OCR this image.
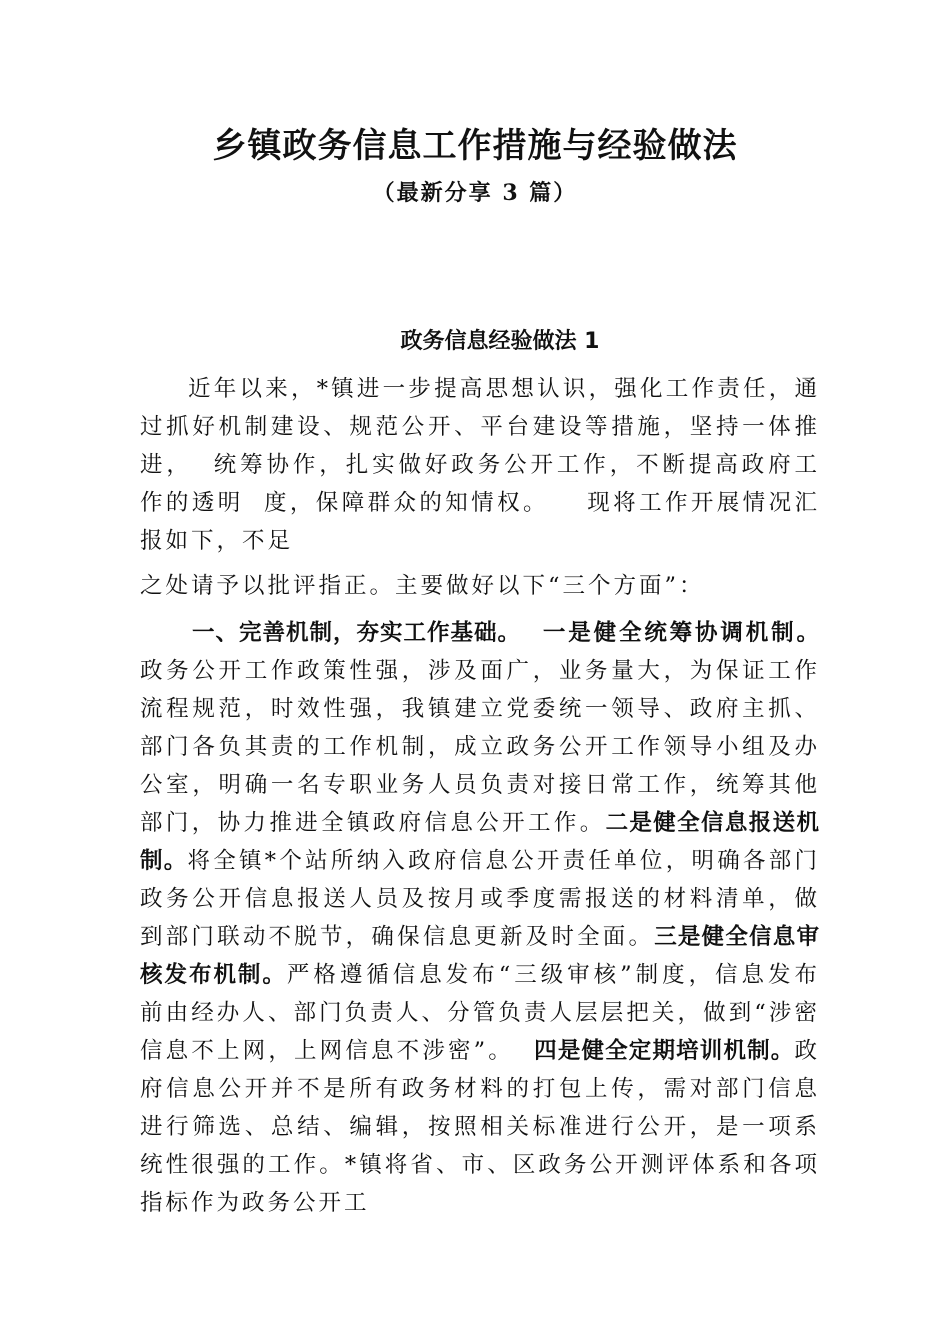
乡镇政务信息工作措施与经验做法
（最新分享 3 篇）
政务信息经验做法 1

近年以来，*镇进一步提高思想认识，强化工作责任，通过抓好机制建设、规范公开、平台建设等措施，坚持一体推进， 统筹协作，扎实做好政务公开工作，不断提高政府工作的透明 度，保障群众的知情权。 现将工作开展情况汇报如下，不足

之处请予以批评指正。主要做好以下“三个方面”：

一、完善机制，夯实工作基础。 一是健全统筹协调机制。政务公开工作政策性强，涉及面广，业务量大，为保证工作流程规范，时效性强，我镇建立党委统一领导、政府主抓、部门各负其责的工作机制，成立政务公开工作领导小组及办公室，明确一名专职业务人员负责对接日常工作，统筹其他部门，协力推进全镇政府信息公开工作。二是健全信息报送机制。将全镇*个站所纳入政府信息公开责任单位，明确各部门政务公开信息报送人员及按月或季度需报送的材料清单，做到部门联动不脱节，确保信息更新及时全面。三是健全信息审核发布机制。严格遵循信息发布“三级审核”制度，信息发布前由经办人、部门负责人、分管负责人层层把关，做到“涉密信息不上网，上网信息不涉密”。 四是健全定期培训机制。政府信息公开并不是所有政务材料的打包上传，需对部门信息进行筛选、总结、编辑，按照相关标准进行公开，是一项系统性很强的工作。*镇将省、市、区政务公开测评体系和各项指标作为政务公开工
